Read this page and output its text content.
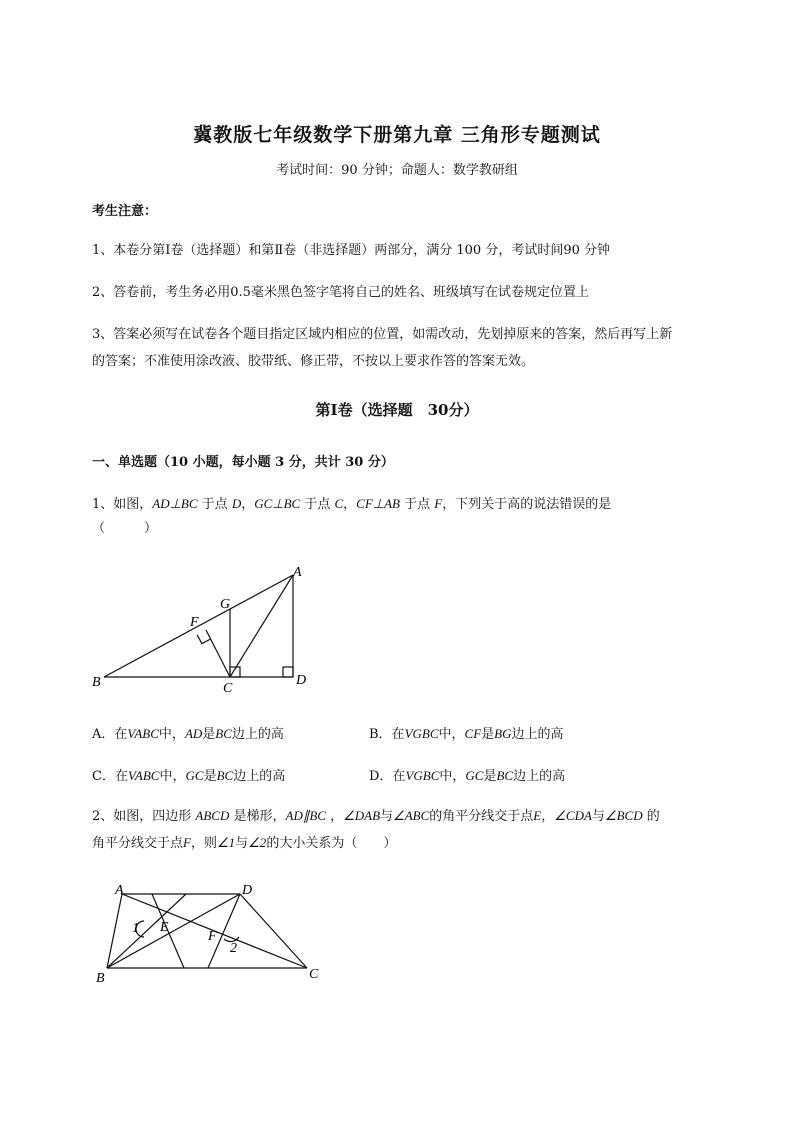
冀教版七年级数学下册第九章 三角形专题测试
考试时间：90 分钟；命题人：数学教研组
考生注意：
1、本卷分第Ⅰ卷（选择题）和第Ⅱ卷（非选择题）两部分，满分 100 分，考试时间90 分钟
2、答卷前，考生务必用0.5毫米黑色签字笔将自己的姓名、班级填写在试卷规定位置上
3、答案必须写在试卷各个题目指定区域内相应的位置，如需改动，先划掉原来的答案，然后再写上新
的答案；不准使用涂改液、胶带纸、修正带，不按以上要求作答的答案无效。
第Ⅰ卷（选择题　30分）
一、单选题（10 小题，每小题 3 分，共计 30 分）
1、如图，AD⊥BC 于点 D，GC⊥BC 于点 C，CF⊥AB 于点 F，下列关于高的说法错误的是
（　　　）
A
B	C
D
F
G
A．在VABC中，AD是BC边上的高	B．在VGBC中，CF是BG边上的高
C．在VABC中，GC是BC边上的高	D．在VGBC中，GC是BC边上的高
2、如图，四边形 ABCD 是梯形，AD∥BC ，∠DAB与∠ABC的角平分线交于点E，∠CDA与∠BCD 的
角平分线交于点F，则∠1与∠2的大小关系为（　　）
A	D
B	C
E
F
1
2
